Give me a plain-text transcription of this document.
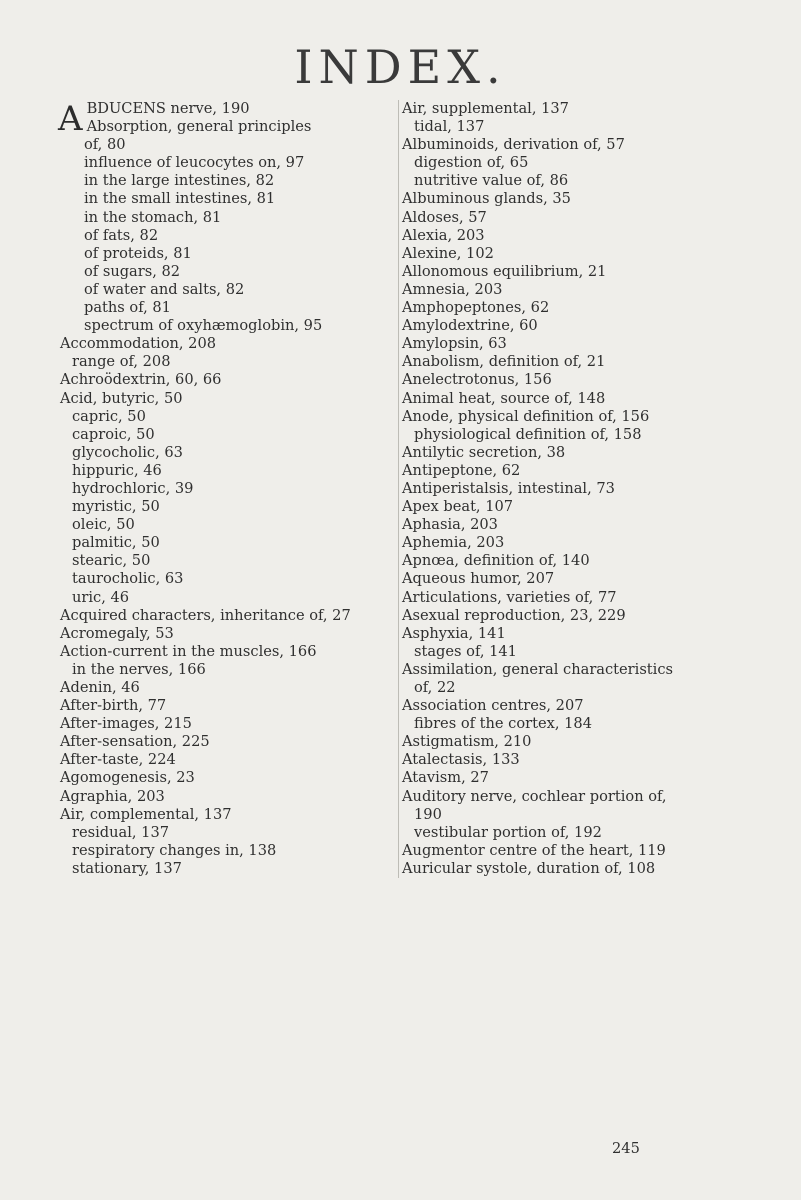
INDEX.
A BDUCENS nerve, 190
Absorption, general principles
of, 80
influence of leucocytes on, 97
in the large intestines, 82
in the small intestines, 81
in the stomach, 81
of fats, 82
of proteids, 81
of sugars, 82
of water and salts, 82
paths of, 81
spectrum of oxyhæmoglobin, 95
Accommodation, 208
range of, 208
Achroödextrin, 60, 66
Acid, butyric, 50
capric, 50
caproic, 50
glycocholic, 63
hippuric, 46
hydrochloric, 39
myristic, 50
oleic, 50
palmitic, 50
stearic, 50
taurocholic, 63
uric, 46
Acquired characters, inheritance of, 27
Acromegaly, 53
Action-current in the muscles, 166
in the nerves, 166
Adenin, 46
After-birth, 77
After-images, 215
After-sensation, 225
After-taste, 224
Agomogenesis, 23
Agraphia, 203
Air, complemental, 137
residual, 137
respiratory changes in, 138
stationary, 137
Air, supplemental, 137
tidal, 137
Albuminoids, derivation of, 57
digestion of, 65
nutritive value of, 86
Albuminous glands, 35
Aldoses, 57
Alexia, 203
Alexine, 102
Allonomous equilibrium, 21
Amnesia, 203
Amphopeptones, 62
Amylodextrine, 60
Amylopsin, 63
Anabolism, definition of, 21
Anelectrotonus, 156
Animal heat, source of, 148
Anode, physical definition of, 156
physiological definition of, 158
Antilytic secretion, 38
Antipeptone, 62
Antiperistalsis, intestinal, 73
Apex beat, 107
Aphasia, 203
Aphemia, 203
Apnœa, definition of, 140
Aqueous humor, 207
Articulations, varieties of, 77
Asexual reproduction, 23, 229
Asphyxia, 141
stages of, 141
Assimilation, general characteristics
of, 22
Association centres, 207
fibres of the cortex, 184
Astigmatism, 210
Atalectasis, 133
Atavism, 27
Auditory nerve, cochlear portion of,
190
vestibular portion of, 192
Augmentor centre of the heart, 119
Auricular systole, duration of, 108
245
